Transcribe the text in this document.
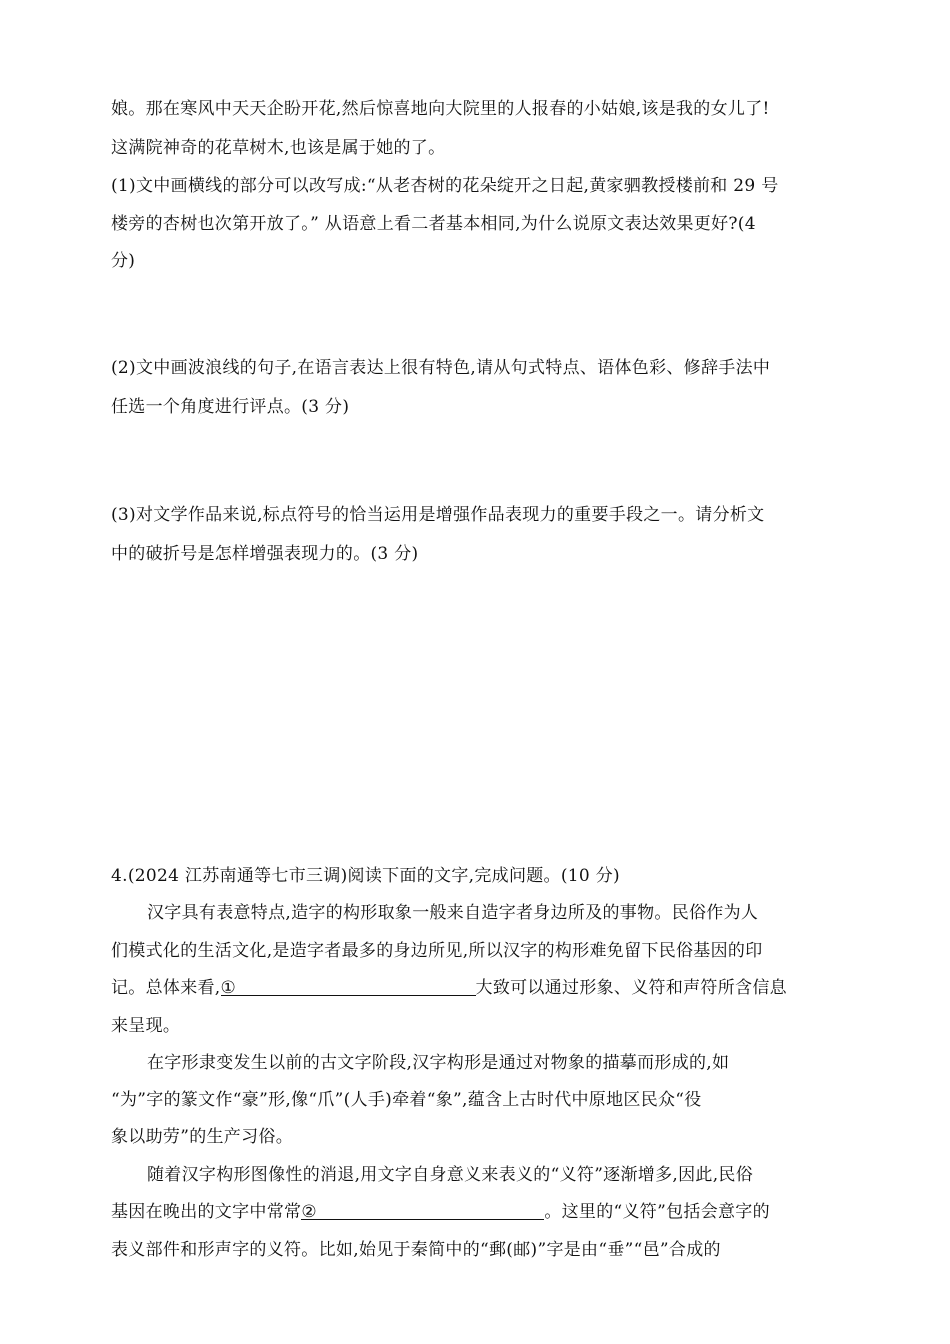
娘。那在寒风中天天企盼开花,然后惊喜地向大院里的人报春的小姑娘,该是我的女儿了!
这满院神奇的花草树木,也该是属于她的了。
(1)文中画横线的部分可以改写成:“从老杏树的花朵绽开之日起,黄家驷教授楼前和 29 号
楼旁的杏树也次第开放了。” 从语意上看二者基本相同,为什么说原文表达效果更好?(4
分)
(2)文中画波浪线的句子,在语言表达上很有特色,请从句式特点、语体色彩、修辞手法中
任选一个角度进行评点。(3 分)
(3)对文学作品来说,标点符号的恰当运用是增强作品表现力的重要手段之一。请分析文
中的破折号是怎样增强表现力的。(3 分)
4.(2024 江苏南通等七市三调)阅读下面的文字,完成问题。(10 分)
汉字具有表意特点,造字的构形取象一般来自造字者身边所及的事物。民俗作为人
们模式化的生活文化,是造字者最多的身边所见,所以汉字的构形难免留下民俗基因的印
记。总体来看,①	大致可以通过形象、义符和声符所含信息
来呈现。
在字形隶变发生以前的古文字阶段,汉字构形是通过对物象的描摹而形成的,如
“为”字的篆文作“豪”形,像“爪”(人手)牵着“象”,蕴含上古时代中原地区民众“役
象以助劳”的生产习俗。
随着汉字构形图像性的消退,用文字自身意义来表义的“义符”逐渐增多,因此,民俗
基因在晚出的文字中常常②	。这里的“义符”包括会意字的
表义部件和形声字的义符。比如,始见于秦简中的“郵(邮)”字是由“垂”“邑”合成的
